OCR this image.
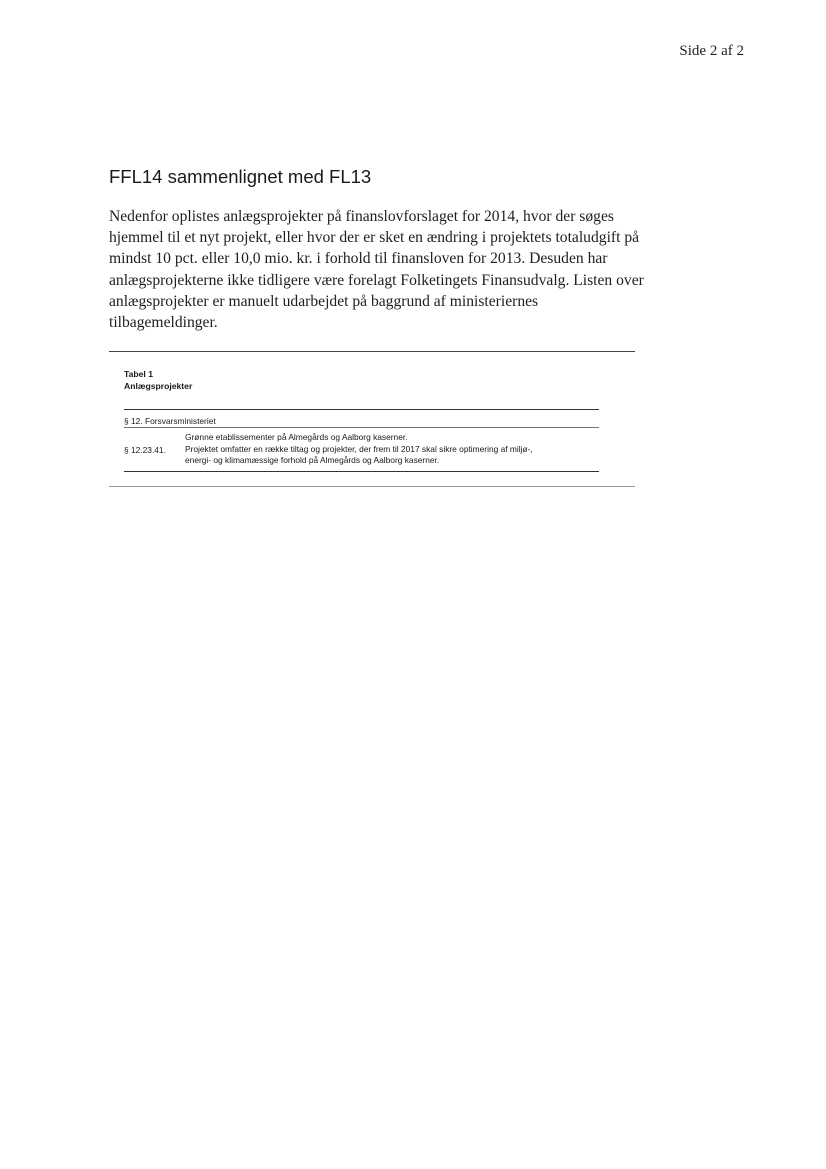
Side 2 af 2
FFL14 sammenlignet med FL13

Nedenfor oplistes anlægsprojekter på finanslovforslaget for 2014, hvor der søges hjemmel til et nyt projekt, eller hvor der er sket en ændring i projektets totaludgift på mindst 10 pct. eller 10,0 mio. kr. i forhold til finansloven for 2013. Desuden har anlægsprojekterne ikke tidligere være forelagt Folketingets Finansudvalg. Listen over anlægsprojekter er manuelt udarbejdet på baggrund af ministeriernes tilbagemeldinger.

Tabel 1
Anlægsprojekter
§ 12. Forsvarsministeriet
§ 12.23.41.
Grønne etablissementer på Almegårds og Aalborg kaserner.
Projektet omfatter en række tiltag og projekter, der frem til 2017 skal sikre optimering af miljø-,
energi- og klimamæssige forhold på Almegårds og Aalborg kaserner.
